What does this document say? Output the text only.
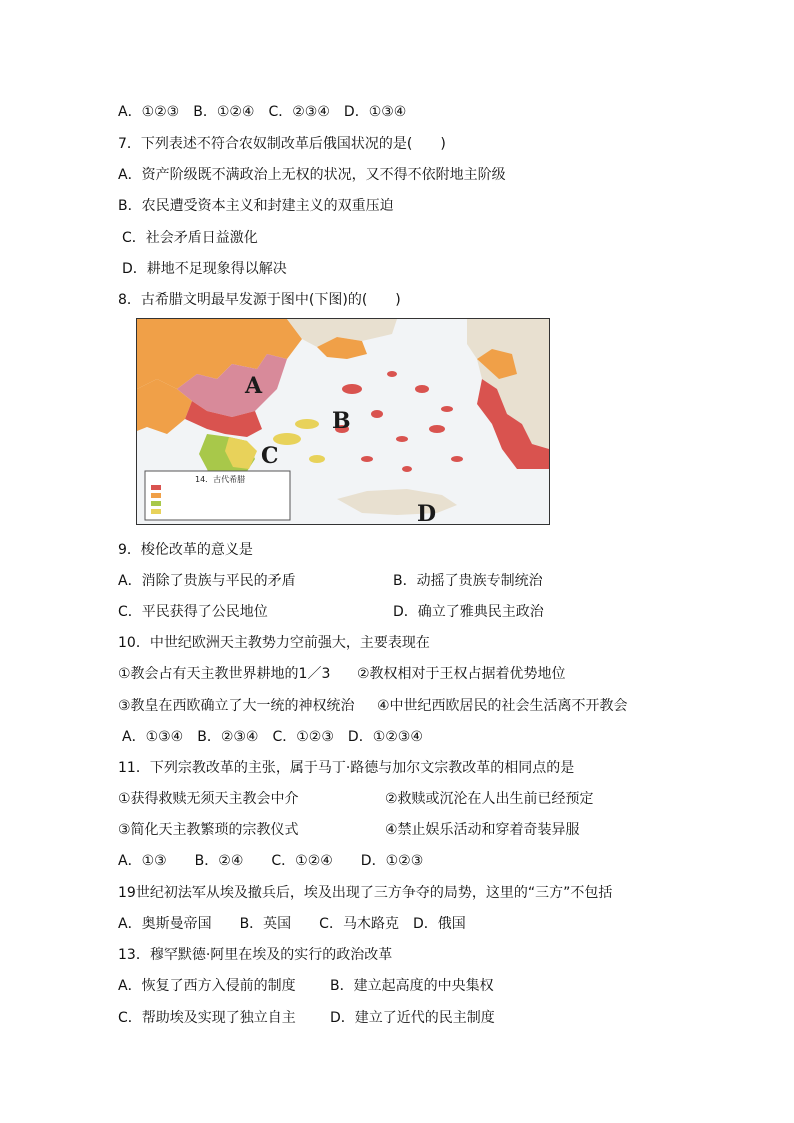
A．①②③　B．①②④　C．②③④　D．①③④
7．下列表述不符合农奴制改革后俄国状况的是(　　)
A．资产阶级既不满政治上无权的状况，又不得不依附地主阶级
B．农民遭受资本主义和封建主义的双重压迫
C．社会矛盾日益激化
D．耕地不足现象得以解决
8．古希腊文明最早发源于图中(下图)的(　　)
14．古代希腊
A
B
C
D
9．梭伦改革的意义是
A．消除了贵族与平民的矛盾	B．动摇了贵族专制统治
C．平民获得了公民地位	D．确立了雅典民主政治
10．中世纪欧洲天主教势力空前强大，主要表现在
①教会占有天主教世界耕地的1／3 ②教权相对于王权占据着优势地位
③教皇在西欧确立了大一统的神权统治 ④中世纪西欧居民的社会生活离不开教会
A．①③④　B．②③④　C．①②③　D．①②③④
11．下列宗教改革的主张，属于马丁·路德与加尔文宗教改革的相同点的是
①获得救赎无须天主教会中介	②救赎或沉沦在人出生前已经预定
③简化天主教繁琐的宗教仪式	④禁止娱乐活动和穿着奇装异服
A．①③　　B．②④　　C．①②④　　D．①②③
19世纪初法军从埃及撤兵后，埃及出现了三方争夺的局势，这里的“三方”不包括
A．奥斯曼帝国　　B．英国　　C．马木路克　D．俄国
13．穆罕默德·阿里在埃及的实行的政治改革
A．恢复了西方入侵前的制度 B．建立起高度的中央集权
C．帮助埃及实现了独立自主 D．建立了近代的民主制度
